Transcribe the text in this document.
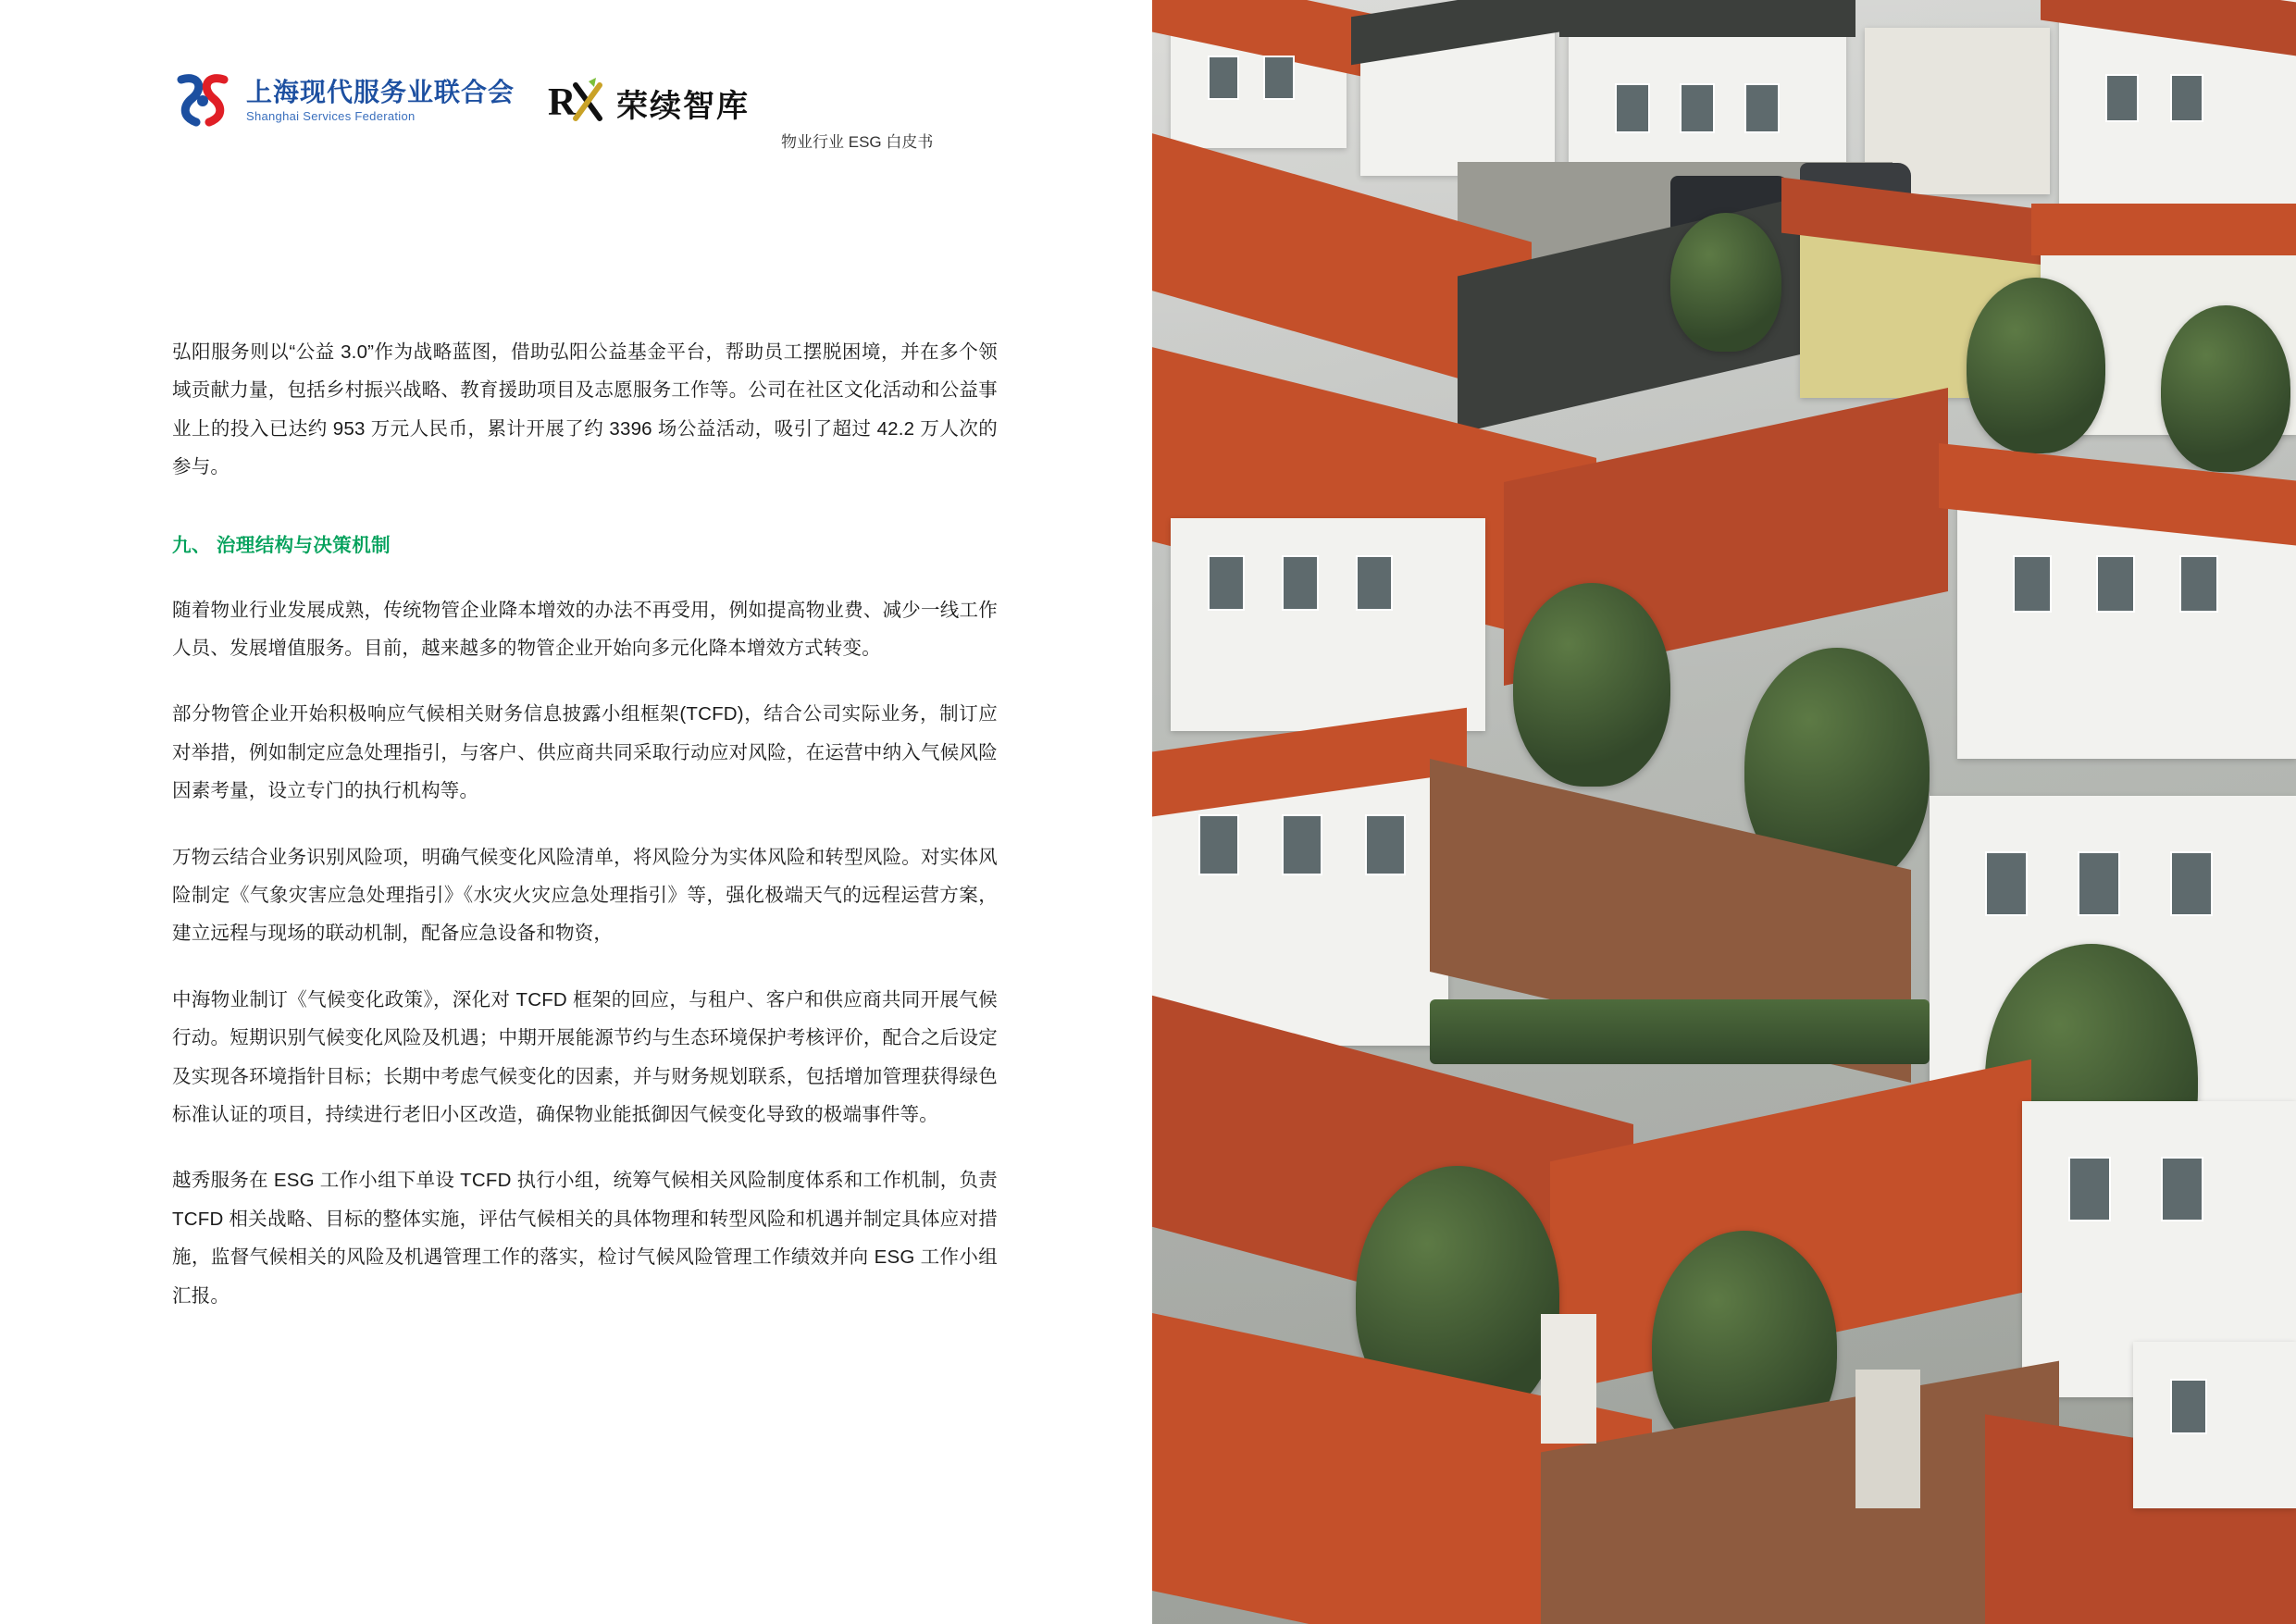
上海现代服务业联合会
Shanghai Services Federation	R 荣续智库
物业行业 ESG 白皮书

弘阳服务则以“公益 3.0”作为战略蓝图，借助弘阳公益基金平台，帮助员工摆脱困境，并在多个领域贡献力量，包括乡村振兴战略、教育援助项目及志愿服务工作等。公司在社区文化活动和公益事业上的投入已达约 953 万元人民币，累计开展了约 3396 场公益活动，吸引了超过 42.2 万人次的参与。

九、 治理结构与决策机制

随着物业行业发展成熟，传统物管企业降本增效的办法不再受用，例如提高物业费、减少一线工作人员、发展增值服务。目前，越来越多的物管企业开始向多元化降本增效方式转变。

部分物管企业开始积极响应气候相关财务信息披露小组框架(TCFD)，结合公司实际业务，制订应对举措，例如制定应急处理指引，与客户、供应商共同采取行动应对风险，在运营中纳入气候风险因素考量，设立专门的执行机构等。

万物云结合业务识别风险项，明确气候变化风险清单，将风险分为实体风险和转型风险。对实体风险制定《气象灾害应急处理指引》《水灾火灾应急处理指引》等，强化极端天气的远程运营方案，建立远程与现场的联动机制，配备应急设备和物资，

中海物业制订《气候变化政策》，深化对 TCFD 框架的回应，与租户、客户和供应商共同开展气候行动。短期识别气候变化风险及机遇；中期开展能源节约与生态环境保护考核评价，配合之后设定及实现各环境指针目标；长期中考虑气候变化的因素，并与财务规划联系，包括增加管理获得绿色标准认证的项目，持续进行老旧小区改造，确保物业能抵御因气候变化导致的极端事件等。

越秀服务在 ESG 工作小组下单设 TCFD 执行小组，统筹气候相关风险制度体系和工作机制，负责 TCFD 相关战略、目标的整体实施，评估气候相关的具体物理和转型风险和机遇并制定具体应对措施，监督气候相关的风险及机遇管理工作的落实，检讨气候风险管理工作绩效并向 ESG 工作小组汇报。
